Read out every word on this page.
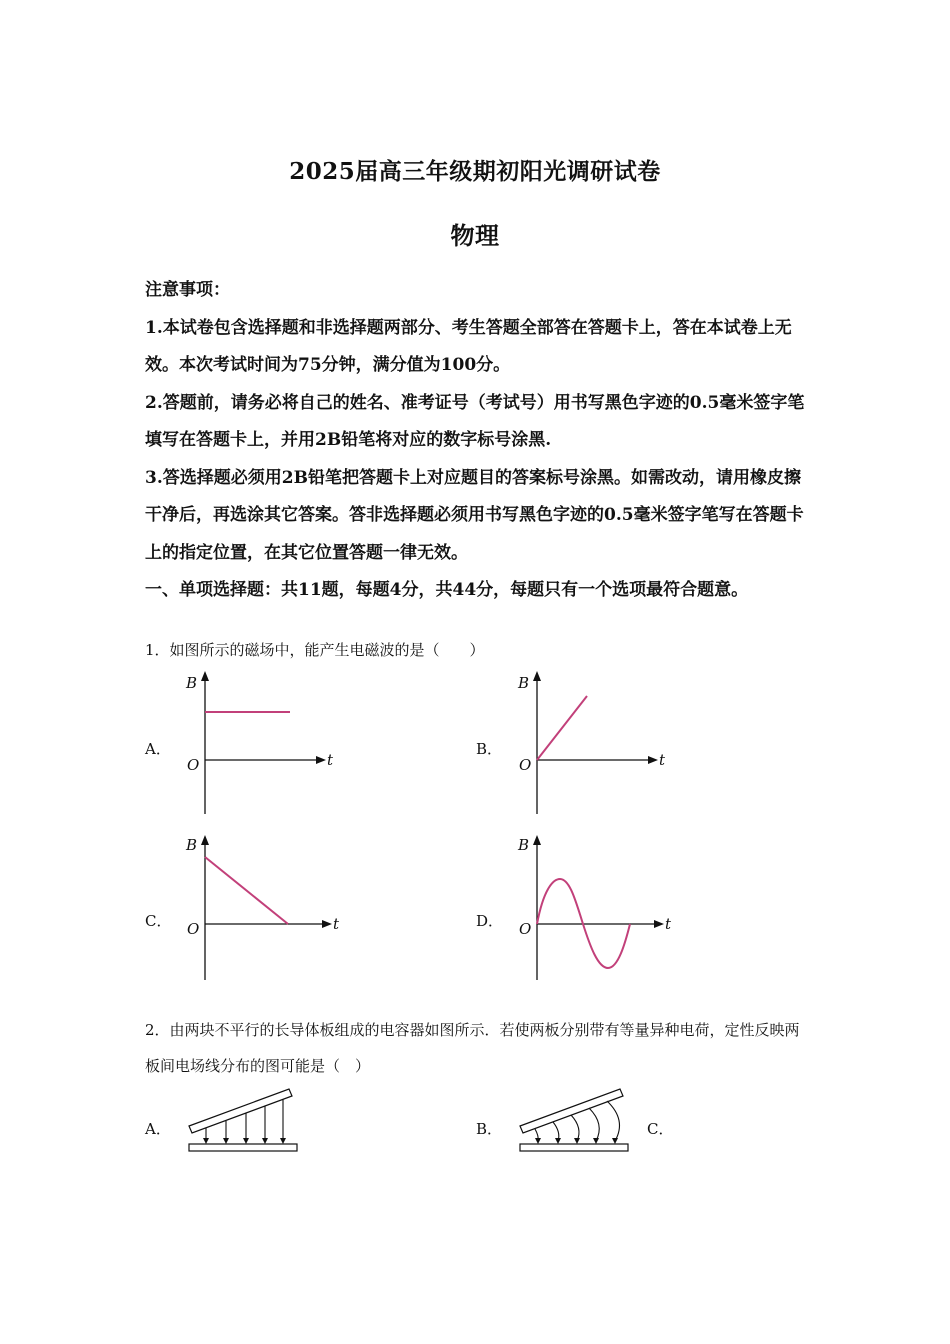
2025届高三年级期初阳光调研试卷
物理

注意事项：

1.本试卷包含选择题和非选择题两部分、考生答题全部答在答题卡上，答在本试卷上无效。本次考试时间为75分钟，满分值为100分。

2.答题前，请务必将自己的姓名、准考证号（考试号）用书写黑色字迹的0.5毫米签字笔填写在答题卡上，并用2B铅笔将对应的数字标号涂黑.

3.答选择题必须用2B铅笔把答题卡上对应题目的答案标号涂黑。如需改动，请用橡皮擦干净后，再选涂其它答案。答非选择题必须用书写黑色字迹的0.5毫米签字笔写在答题卡上的指定位置，在其它位置答题一律无效。

一、单项选择题：共11题，每题4分，共44分，每题只有一个选项最符合题意。

1．如图所示的磁场中，能产生电磁波的是（　　）

A．	B．
C．	D．
B
t
O
B
t
O
B
t
O
B
t
O

2．由两块不平行的长导体板组成的电容器如图所示．若使两板分别带有等量异种电荷，定性反映两板间电场线分布的图可能是（　）

A．	B．	C．
